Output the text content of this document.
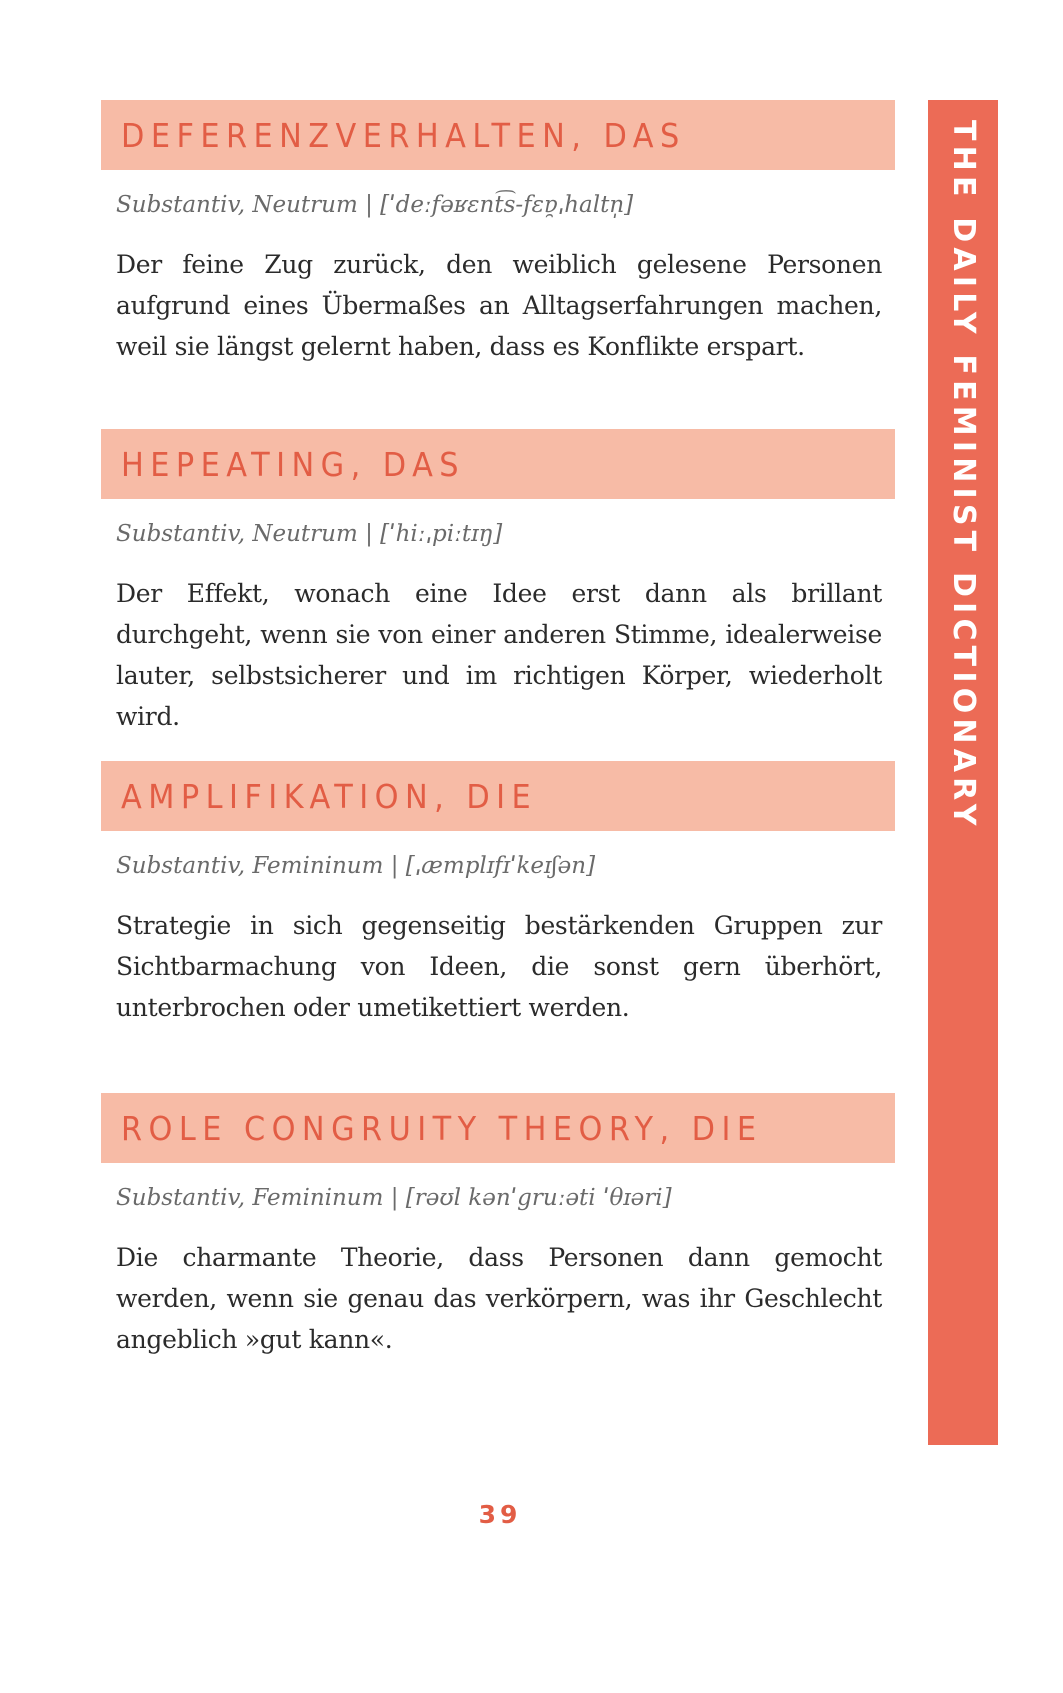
THE DAILY FEMINIST DICTIONARY
DEFERENZVERHALTEN, DAS
Substantiv, Neutrum | [ˈdeːfəʁɛnt͡s-fɛɐ̯ˌhaltn̩]
Der feine Zug zurück, den weiblich gelesene Personen aufgrund eines Übermaßes an Alltagserfahrungen machen, weil sie längst gelernt haben, dass es Konflikte erspart.
HEPEATING, DAS
Substantiv, Neutrum | [ˈhiːˌpiːtɪŋ]
Der Effekt, wonach eine Idee erst dann als brillant durchgeht, wenn sie von einer anderen Stimme, idealerweise lauter, selbstsicherer und im richtigen Körper, wiederholt wird.
AMPLIFIKATION, DIE
Substantiv, Femininum | [ˌæmplɪfɪˈkeɪʃən]
Strategie in sich gegenseitig bestärkenden Gruppen zur Sichtbarmachung von Ideen, die sonst gern überhört, unterbrochen oder umetikettiert werden.
ROLE CONGRUITY THEORY, DIE
Substantiv, Femininum | [rəʊl kənˈgruːəti ˈθɪəri]
Die charmante Theorie, dass Personen dann gemocht werden, wenn sie genau das verkörpern, was ihr Geschlecht angeblich »gut kann«.
39
